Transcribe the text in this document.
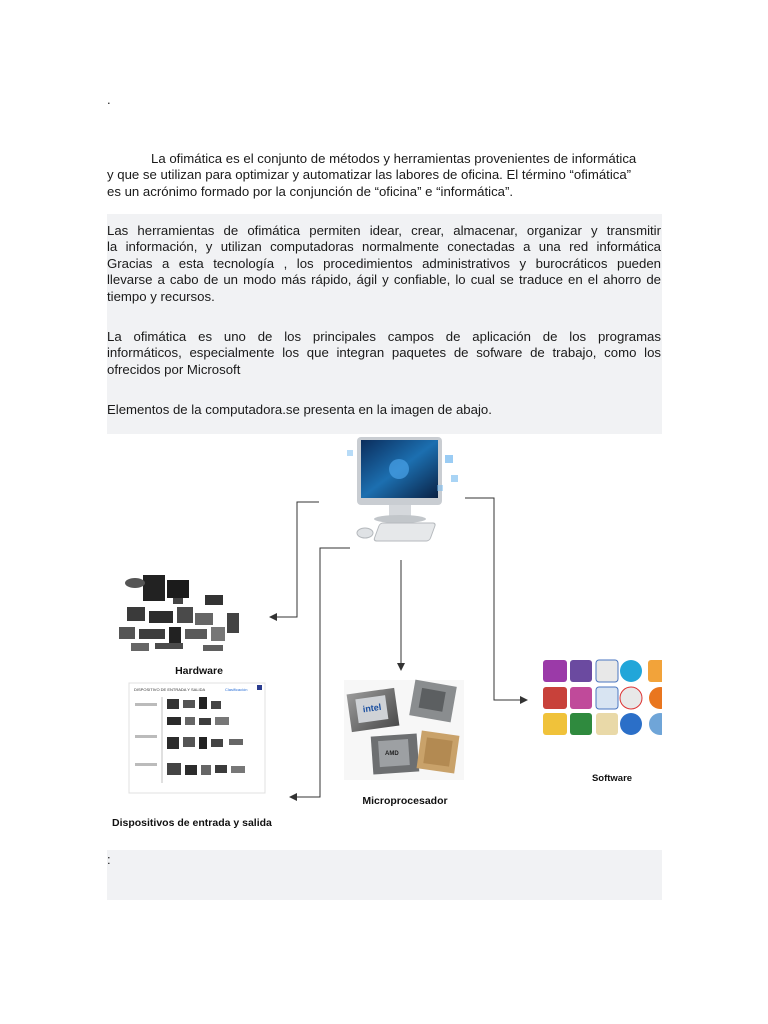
.
La ofimática es el conjunto de métodos y herramientas provenientes de informática
y que se utilizan para optimizar y automatizar las labores de oficina. El término “ofimática”
es un acrónimo formado por la conjunción de “oficina” e “informática”.
Las herramientas de ofimática permiten idear, crear, almacenar, organizar y transmitir
la información, y utilizan computadoras normalmente conectadas a una red informática
Gracias a esta tecnología , los procedimientos administrativos y burocráticos pueden
llevarse a cabo de un modo más rápido, ágil y confiable, lo cual se traduce en el ahorro de
tiempo y recursos.
La ofimática es uno de los principales campos de aplicación de los programas
informáticos, especialmente los que integran paquetes de sofware de trabajo, como los
ofrecidos por Microsoft
Elementos de la computadora.se presenta en la imagen de abajo.
Hardware
DISPOSITIVO DE ENTRADA Y SALIDA	Clasificación
Dispositivos de entrada y salida
intel
AMD
Microprocesador
Software
:
